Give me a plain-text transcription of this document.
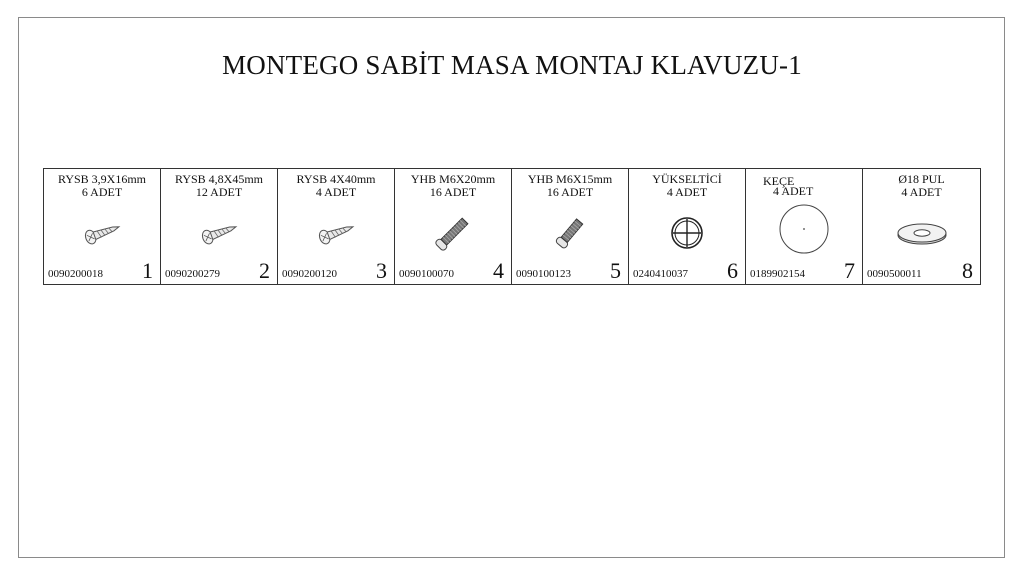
MONTEGO SABİT MASA MONTAJ KLAVUZU-1
RYSB 3,9X16mm
6 ADET
0090200018 1
RYSB 4,8X45mm
12 ADET
0090200279 2
RYSB 4X40mm
4 ADET
0090200120 3
YHB M6X20mm
16 ADET
0090100070 4
YHB M6X15mm
16 ADET
0090100123 5
YÜKSELTİCİ
4 ADET
0240410037 6
KEÇE
4 ADET
0189902154 7
Ø18 PUL
4 ADET
0090500011 8
